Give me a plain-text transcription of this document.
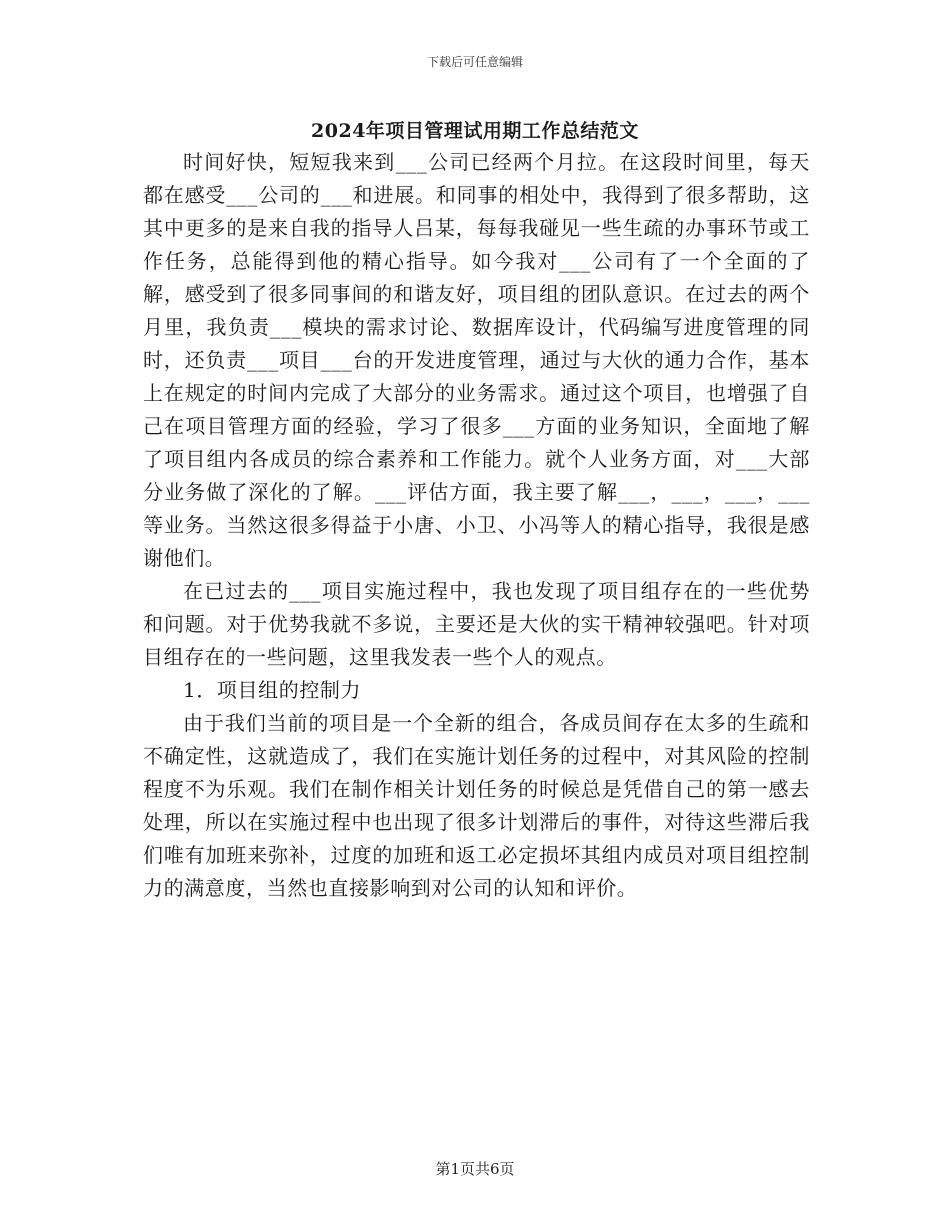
下载后可任意编辑
2024年项目管理试用期工作总结范文

时间好快，短短我来到___公司已经两个月拉。在这段时间里，每天都在感受___公司的___和进展。和同事的相处中，我得到了很多帮助，这其中更多的是来自我的指导人吕某，每每我碰见一些生疏的办事环节或工作任务，总能得到他的精心指导。如今我对___公司有了一个全面的了解，感受到了很多同事间的和谐友好，项目组的团队意识。在过去的两个月里，我负责___模块的需求讨论、数据库设计，代码编写进度管理的同时，还负责___项目___台的开发进度管理，通过与大伙的通力合作，基本上在规定的时间内完成了大部分的业务需求。通过这个项目，也增强了自己在项目管理方面的经验，学习了很多___方面的业务知识，全面地了解了项目组内各成员的综合素养和工作能力。就个人业务方面，对___大部分业务做了深化的了解。___评估方面，我主要了解___，___，___，___等业务。当然这很多得益于小唐、小卫、小冯等人的精心指导，我很是感谢他们。

在已过去的___项目实施过程中，我也发现了项目组存在的一些优势和问题。对于优势我就不多说，主要还是大伙的实干精神较强吧。针对项目组存在的一些问题，这里我发表一些个人的观点。

1．项目组的控制力

由于我们当前的项目是一个全新的组合，各成员间存在太多的生疏和不确定性，这就造成了，我们在实施计划任务的过程中，对其风险的控制程度不为乐观。我们在制作相关计划任务的时候总是凭借自己的第一感去处理，所以在实施过程中也出现了很多计划滞后的事件，对待这些滞后我们唯有加班来弥补，过度的加班和返工必定损坏其组内成员对项目组控制力的满意度，当然也直接影响到对公司的认知和评价。

第1页共6页
